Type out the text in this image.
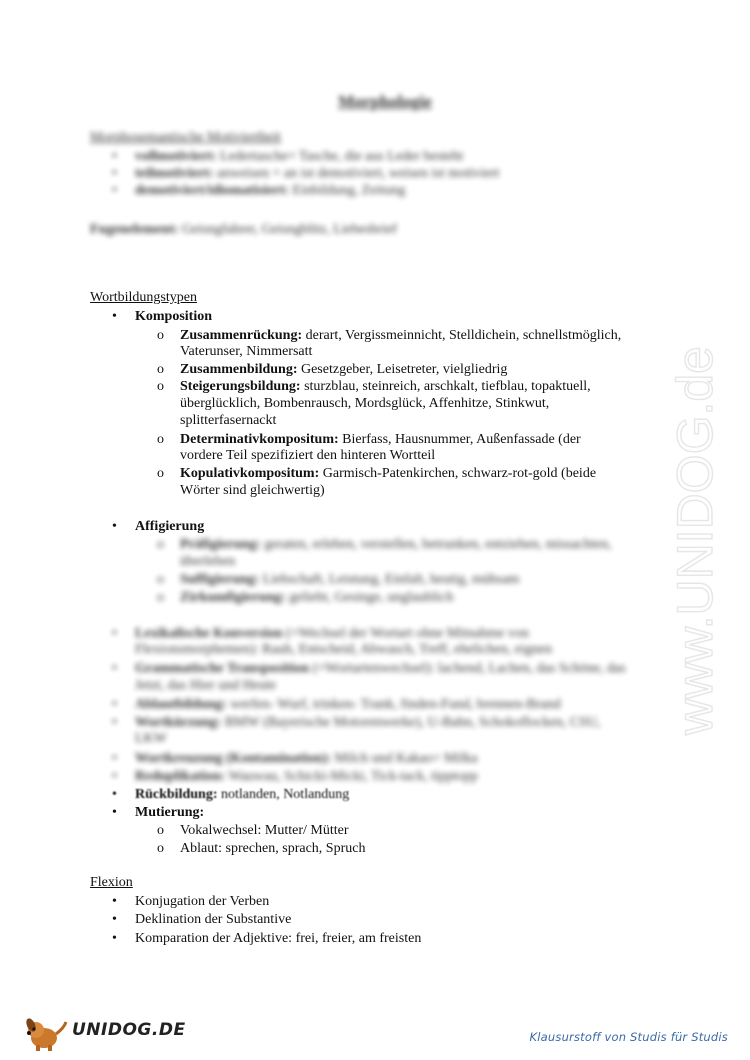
Morphologie
Morphosemantische Motiviertheit
• vollmotiviert: Ledertasche= Tasche, die aus Leder besteht
• teilmotiviert: anweisen + an ist demotiviert, weisen ist motiviert
• demotiviert/idiomatisiert: Einbildung, Zeitung
Fugenelement: Geisngfahrer, Geisngblitz, Liebesbrief
Wortbildungstypen
• Komposition
o Zusammenrückung: derart, Vergissmeinnicht, Stelldichein, schnellstmöglich,
Vaterunser, Nimmersatt
o Zusammenbildung: Gesetzgeber, Leisetreter, vielgliedrig
o Steigerungsbildung: sturzblau, steinreich, arschkalt, tiefblau, topaktuell,
überglücklich, Bombenrausch, Mordsglück, Affenhitze, Stinkwut,
splitterfasernackt
o Determinativkompositum: Bierfass, Hausnummer, Außenfassade (der
vordere Teil spezifiziert den hinteren Wortteil
o Kopulativkompositum: Garmisch-Patenkirchen, schwarz-rot-gold (beide
Wörter sind gleichwertig)
• Affigierung
o Präfigierung: geraten, erleben, verstellen, betrunken, entziehen, missachten,
überleben
o Suffigierung: Liebschaft, Leistung, Einfalt, heutig, mühsam
o Zirkumfigierung: geliebt, Gesinge, unglaublich
• Lexikalische Konversion (=Wechsel der Wortart ohne Mitnahme von
Flexionsmorphemen): Rauh, Entscheid, Abwasch, Treff, ehelichen, eignen
• Grammatische Transposition (=Wortartenwechsel): lachend, Lachen, das Schöne, das Jetzt, das Hier und Heute
• Ablautbildung: werfen- Wurf, trinken- Trank, finden-Fund, brennen-Brand
• Wortkürzung: BMW (Bayerische Motorenwerke), U-Bahn, Schokoflocken, CSU,
LKW
• Wortkreuzung (Kontamination): Milch und Kakao= Milka
• Reduplikation: Wauwau, Schicki-Micki, Tick-tack, tipptopp
• Rückbildung: notlanden, Notlandung
• Mutierung:
o Vokalwechsel: Mutter/ Mütter
o Ablaut: sprechen, sprach, Spruch
Flexion
• Konjugation der Verben
• Deklination der Substantive
• Komparation der Adjektive: frei, freier, am freisten
www.UNIDOG.de
UNIDOG.DE	Klausurstoff von Studis für Studis
